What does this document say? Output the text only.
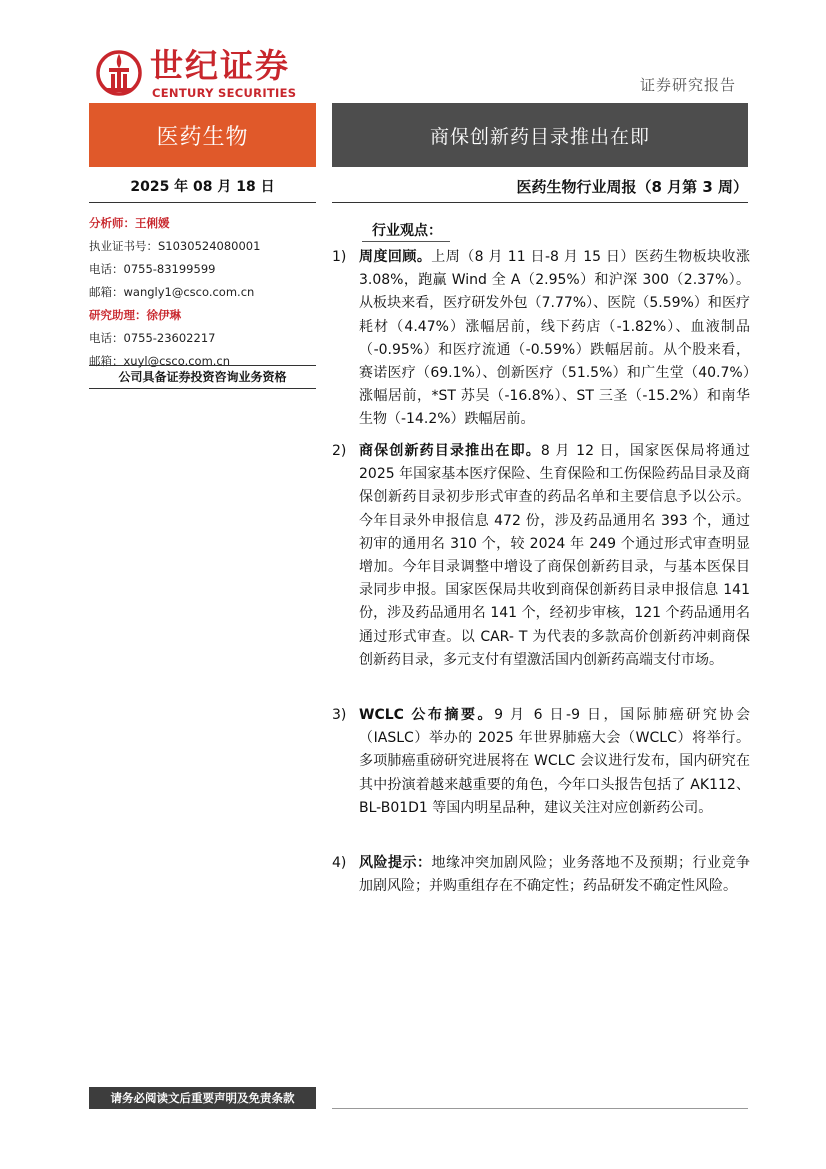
世纪证券
CENTURY SECURITIES	证券研究报告
医药生物	商保创新药目录推出在即
2025 年 08 月 18 日	医药生物行业周报（8 月第 3 周）
分析师：王俐媛
执业证书号：S1030524080001
电话：0755-83199599
邮箱：wangly1@csco.com.cn
研究助理：徐伊琳
电话：0755-23602217
邮箱：xuyl@csco.com.cn
公司具备证券投资咨询业务资格
行业观点：
1) 周度回顾。上周（8 月 11 日-8 月 15 日）医药生物板块收涨 3.08%，跑赢 Wind 全 A（2.95%）和沪深 300（2.37%）。从板块来看，医疗研发外包（7.77%）、医院（5.59%）和医疗耗材（4.47%）涨幅居前，线下药店（-1.82%）、血液制品（-0.95%）和医疗流通（-0.59%）跌幅居前。从个股来看，赛诺医疗（69.1%）、创新医疗（51.5%）和广生堂（40.7%）涨幅居前，*ST 苏吴（-16.8%）、ST 三圣（-15.2%）和南华生物（-14.2%）跌幅居前。
2) 商保创新药目录推出在即。8 月 12 日，国家医保局将通过 2025 年国家基本医疗保险、生育保险和工伤保险药品目录及商保创新药目录初步形式审查的药品名单和主要信息予以公示。今年目录外申报信息 472 份，涉及药品通用名 393 个，通过初审的通用名 310 个，较 2024 年 249 个通过形式审查明显增加。今年目录调整中增设了商保创新药目录，与基本医保目录同步申报。国家医保局共收到商保创新药目录申报信息 141 份，涉及药品通用名 141 个，经初步审核，121 个药品通用名通过形式审查。以 CAR- T 为代表的多款高价创新药冲刺商保创新药目录，多元支付有望激活国内创新药高端支付市场。
3) WCLC 公布摘要。9 月 6 日-9 日，国际肺癌研究协会（IASLC）举办的 2025 年世界肺癌大会（WCLC）将举行。多项肺癌重磅研究进展将在 WCLC 会议进行发布，国内研究在其中扮演着越来越重要的角色，今年口头报告包括了 AK112、BL-B01D1 等国内明星品种，建议关注对应创新药公司。
4) 风险提示：地缘冲突加剧风险；业务落地不及预期；行业竞争加剧风险；并购重组存在不确定性；药品研发不确定性风险。
请务必阅读文后重要声明及免责条款
